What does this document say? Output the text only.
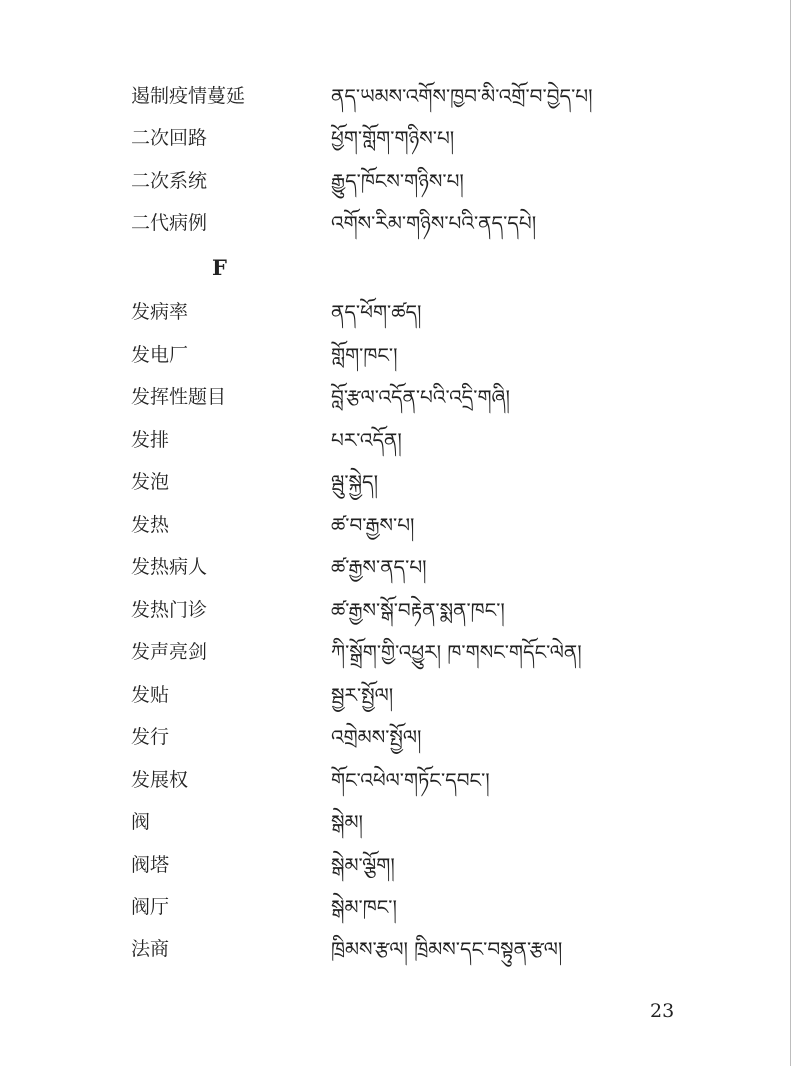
遏制疫情蔓延	ནད་ཡམས་འགོས་ཁྱབ་མི་འགྲོ་བ་བྱེད་པ།
二次回路	ཕྱོག་གློག་གཉིས་པ།
二次系统	རྒྱུད་ཁོངས་གཉིས་པ།
二代病例	འགོས་རིམ་གཉིས་པའི་ནད་དཔེ།
F
发病率	ནད་ཕོག་ཚད།
发电厂	གློག་ཁང་།
发挥性题目	བློ་རྩལ་འདོན་པའི་འདྲི་གཞི།
发排	པར་འདོན།
发泡	ལྦུ་སྐྱེད།
发热	ཚ་བ་རྒྱས་པ།
发热病人	ཚ་རྒྱས་ནད་པ།
发热门诊	ཚ་རྒྱས་སྒོ་བརྟེན་སྨན་ཁང་།
发声亮剑	ཀི་སྒྲོག་གྱི་འཕྱུར། ཁ་གསང་གདོང་ལེན།
发贴	སྦྱར་སྤྱོལ།
发行	འགྲེམས་སྤྱོལ།
发展权	གོང་འཕེལ་གཏོང་དབང་།
阀	སྒེམ།
阀塔	སྒེམ་ལྕོག།
阀厅	སྒེམ་ཁང་།
法商	ཁྲིམས་རྩལ། ཁྲིམས་དང་བསྟུན་རྩལ།
23
